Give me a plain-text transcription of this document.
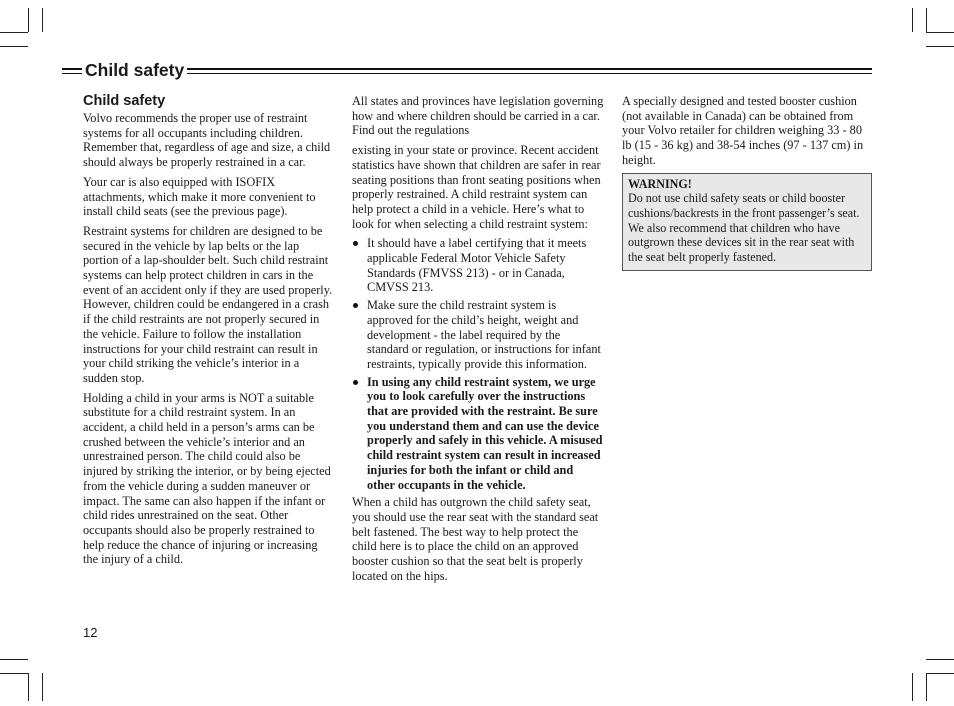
Child safety
Child safety

Volvo recommends the proper use of restraint systems for all occupants including children. Remember that, regardless of age and size, a child should always be properly restrained in a car.

Your car is also equipped with ISOFIX attachments, which make it more convenient to install child seats (see the previous page).

Restraint systems for children are designed to be secured in the vehicle by lap belts or the lap portion of a lap-shoulder belt. Such child restraint systems can help protect children in cars in the event of an accident only if they are used properly. However, children could be endangered in a crash if the child restraints are not properly secured in the vehicle. Failure to follow the installation instructions for your child restraint can result in your child striking the vehicle’s interior in a sudden stop.

Holding a child in your arms is NOT a suitable substitute for a child restraint system. In an accident, a child held in a person’s arms can be crushed between the vehicle’s interior and an unrestrained person. The child could also be injured by striking the interior, or by being ejected from the vehicle during a sudden maneuver or impact. The same can also happen if the infant or child rides unrestrained on the seat. Other occupants should also be properly restrained to help reduce the chance of injuring or increasing the injury of a child.

All states and provinces have legislation governing how and where children should be carried in a car. Find out the regulations

existing in your state or province. Recent accident statistics have shown that children are safer in rear seating positions than front seating positions when properly restrained. A child restraint system can help protect a child in a vehicle. Here’s what to look for when selecting a child restraint system:

It should have a label certifying that it meets applicable Federal Motor Vehicle Safety Standards (FMVSS 213) - or in Canada, CMVSS 213.
Make sure the child restraint system is approved for the child’s height, weight and development - the label required by the standard or regulation, or instructions for infant restraints, typically provide this information.
In using any child restraint system, we urge you to look carefully over the instructions that are provided with the restraint. Be sure you understand them and can use the device properly and safely in this vehicle. A misused child restraint system can result in increased injuries for both the infant or child and other occupants in the vehicle.

When a child has outgrown the child safety seat, you should use the rear seat with the standard seat belt fastened. The best way to help protect the child here is to place the child on an approved booster cushion so that the seat belt is properly located on the hips.

A specially designed and tested booster cushion (not available in Canada) can be obtained from your Volvo retailer for children weighing 33 - 80 lb (15 - 36 kg) and 38-54 inches (97 - 137 cm) in height.

WARNING!
Do not use child safety seats or child booster cushions/backrests in the front passenger’s seat. We also recommend that children who have outgrown these devices sit in the rear seat with the seat belt properly fastened.
12
